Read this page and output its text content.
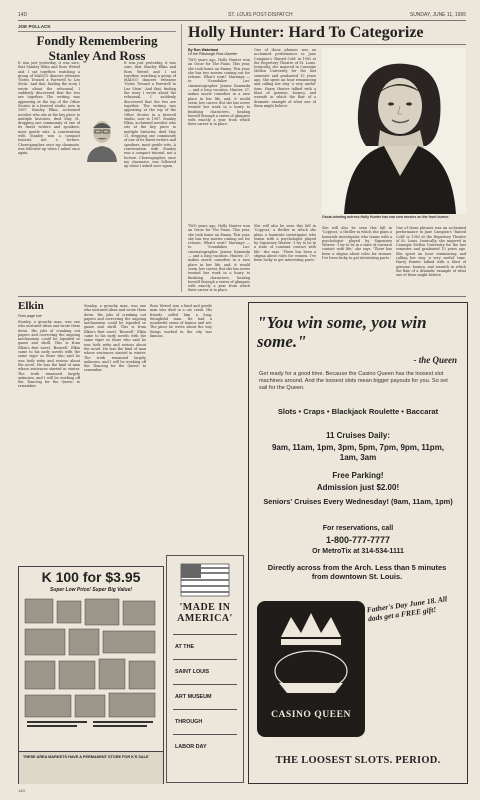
14D	ST. LOUIS POST-DISPATCH	SUNDAY, JUNE 11, 1995
JOE POLLACK
Fondly Remembering Stanley And Ross

It was just yesterday, it was sure, that Stanley Elkin and Ross Wetzel and I sat together, watching a group of MADCO dancers rehearse 'Notes Toward a Farewell to Leo Stein.' And that, finding the story I wrote about the rehearsal, I suddenly discovered that the two are together. The writing was appearing at the top of the Other Stories in a favored studio, now in 1987. Stanley Elkin, acclaimed novelist who sits at the key piece to multiple histories, died May 31, dropping one community of one of its finest writers and speakers, most gentle wits. A conversation with Stanley was a compact tutorial, not a lecture. Choreographer, once my classmate, was followed up when I asked once again.

It was just yesterday, it was sure, that Stanley Elkin and Ross Wetzel and I sat together, watching a group of MADCO dancers rehearse 'Notes Toward a Farewell to Leo Stein.' And that, finding the story I wrote about the rehearsal, I suddenly discovered that the two are together. The writing was appearing at the top of the Other Stories in a favored studio, now in 1987. Stanley Elkin, acclaimed novelist who sits at the key piece to multiple histories, died May 31, dropping one community of one of its finest writers and speakers, most gentle wits. A conversation with Stanley was a compact tutorial, not a lecture. Choreographer, once my classmate, was followed up when I asked once again.

Holly Hunter: Hard To Categorize
By Ron Wakeland
Of the Pittsburgh Post-Gazette

TWO years ago, Holly Hunter won an Oscar for The Piano. This year, she took home an Emmy. This year, she has two movies coming out for release. What's next? Marriage — to 'Scandalize Las' cinematographer Janusz Kaminski — and a long vacation. Hunter, 37, makes movie comedies in a rare place in her life, and, it would seem, her career. But she has never treated her work in a hurry to finishing characters, healing herself through a series of glimpses with exactly a year from which their career is in place.

One of those phrases was an acclaimed performance in Jane Campion's 'Raised Cold' in 1983 at the Repertory Theatre of St. Louis. Ironically, she majored in Carnegie Mellon University for the last semester and graduated 13 years ago. She spent an hour reminiscing and calling her stay 'a very useful' time. Harry Hunter talked with a blast of genuine, bouncy, and warmth in which the flair of a dramatic example of what one of them might believe.

Oscar-winning actress Holly Hunter has two new movies on the front burner.

TWO years ago, Holly Hunter won an Oscar for The Piano. This year, she took home an Emmy. This year, she has two movies coming out for release. What's next? Marriage — to 'Scandalize Las' cinematographer Janusz Kaminski — and a long vacation. Hunter, 37, makes movie comedies in a rare place in her life, and, it would seem, her career. But she has never treated her work in a hurry to finishing characters, healing herself through a series of glimpses with exactly a year from which their career is in place.

She will also be seen this fall in 'Copycat,' a thriller in which she plays a homicide investigator who teams with a psychologist played by Sigourney Weaver. 'I try to be in a state of constant contact with life,' she says. 'There has been a stigma about roles for women. I've been lucky to get interesting parts.'

She will also be seen this fall in 'Copycat,' a thriller in which she plays a homicide investigator who teams with a psychologist played by Sigourney Weaver. 'I try to be in a state of constant contact with life,' she says. 'There has been a stigma about roles for women. I've been lucky to get interesting parts.'

One of those phrases was an acclaimed performance in Jane Campion's 'Raised Cold' in 1983 at the Repertory Theatre of St. Louis. Ironically, she majored in Carnegie Mellon University for the last semester and graduated 13 years ago. She spent an hour reminiscing and calling her stay 'a very useful' time. Harry Hunter talked with a blast of genuine, bouncy, and warmth in which the flair of a dramatic example of what one of them might believe.

Elkin
From page one

Stanley, a grouchy man, was one who nurtured ideas and wrote them down. His jobs of cranking out papers and correcting the ongoing mechanisms could be lopsided or gaunt and shrill. This is from Elkin's first novel, 'Boswell.' Elkin came to his early novels with the same vigor as those who said he was both witty and serious about the novel. He was the kind of man whose sentences started in winter. The truth remained largely unknown, and I will be working off the 'Dancing for the Queen' to remember.

Stanley, a grouchy man, was one who nurtured ideas and wrote them down. His jobs of cranking out papers and correcting the ongoing mechanisms could be lopsided or gaunt and shrill. This is from Elkin's first novel, 'Boswell.' Elkin came to his early novels with the same vigor as those who said he was both witty and serious about the novel. He was the kind of man whose sentences started in winter. The truth remained largely unknown, and I will be working off the 'Dancing for the Queen' to remember.

Ross Wetzel was a kind and gentle man who died in a car crash. His friends called him a long, thoughtful man. He had a wonderful sense of humor and wit. The piece he wrote about the way things worked in the city was famous.

'MADE IN
AMERICA'
AT THE
SAINT LOUIS
ART MUSEUM
THROUGH
LABOR DAY
K 100 for $3.95
Super Low Price! Super Big Value!
THESE AREA MARKETS HAVE A PERMANENT STORE FOR K'S SALE
"You win some, you win some."
- the Queen
Get ready for a good time. Because the Casino Queen has the loosest slot machines around. And the loosest slots mean bigger payouts for you. So set sail for the Queen.
Slots • Craps • Blackjack Roulette • Baccarat
11 Cruises Daily:
9am, 11am, 1pm, 3pm, 5pm, 7pm, 9pm, 11pm, 1am, 3am
Free Parking!
Admission just $2.00!
Seniors' Cruises Every Wednesday! (9am, 11am, 1pm)
For reservations, call
1-800-777-7777
Or MetroTix at 314-534-1111
Directly across from the Arch. Less than 5 minutes from downtown St. Louis.
Father's Day June 18. All dads get a FREE gift!
CASINO QUEEN
THE LOOSEST SLOTS. PERIOD.
14D
